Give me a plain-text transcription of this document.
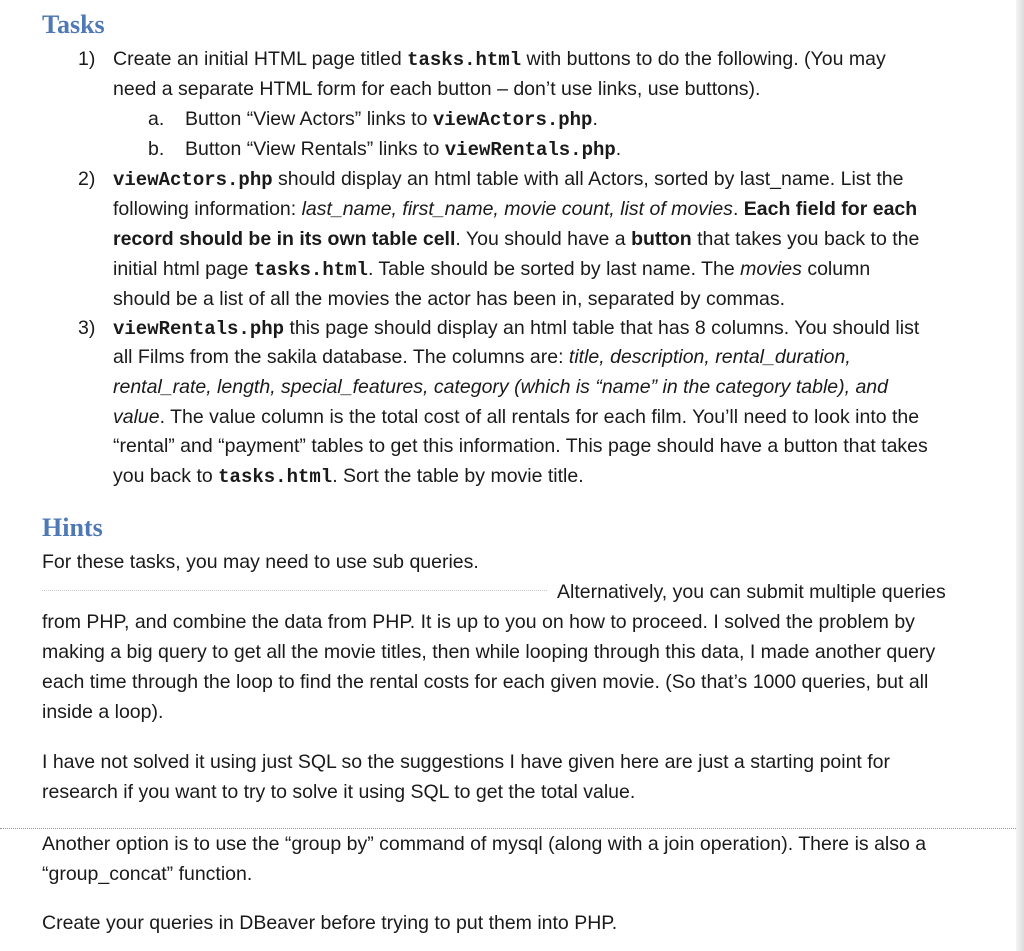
Tasks
1) Create an initial HTML page titled tasks.html with buttons to do the following. (You may
need a separate HTML form for each button – don’t use links, use buttons).
a. Button “View Actors” links to viewActors.php.
b. Button “View Rentals” links to viewRentals.php.
2) viewActors.php should display an html table with all Actors, sorted by last_name. List the
following information: last_name, first_name, movie count, list of movies. Each field for each
record should be in its own table cell. You should have a button that takes you back to the
initial html page tasks.html. Table should be sorted by last name. The movies column
should be a list of all the movies the actor has been in, separated by commas.
3) viewRentals.php this page should display an html table that has 8 columns. You should list
all Films from the sakila database. The columns are: title, description, rental_duration,
rental_rate, length, special_features, category (which is “name” in the category table), and
value. The value column is the total cost of all rentals for each film. You’ll need to look into the
“rental” and “payment” tables to get this information. This page should have a button that takes
you back to tasks.html. Sort the table by movie title.
Hints
For these tasks, you may need to use sub queries.
Alternatively, you can submit multiple queries
from PHP, and combine the data from PHP. It is up to you on how to proceed. I solved the problem by
making a big query to get all the movie titles, then while looping through this data, I made another query
each time through the loop to find the rental costs for each given movie. (So that’s 1000 queries, but all
inside a loop).
I have not solved it using just SQL so the suggestions I have given here are just a starting point for
research if you want to try to solve it using SQL to get the total value.
Another option is to use the “group by” command of mysql (along with a join operation). There is also a
“group_concat” function.
Create your queries in DBeaver before trying to put them into PHP.
